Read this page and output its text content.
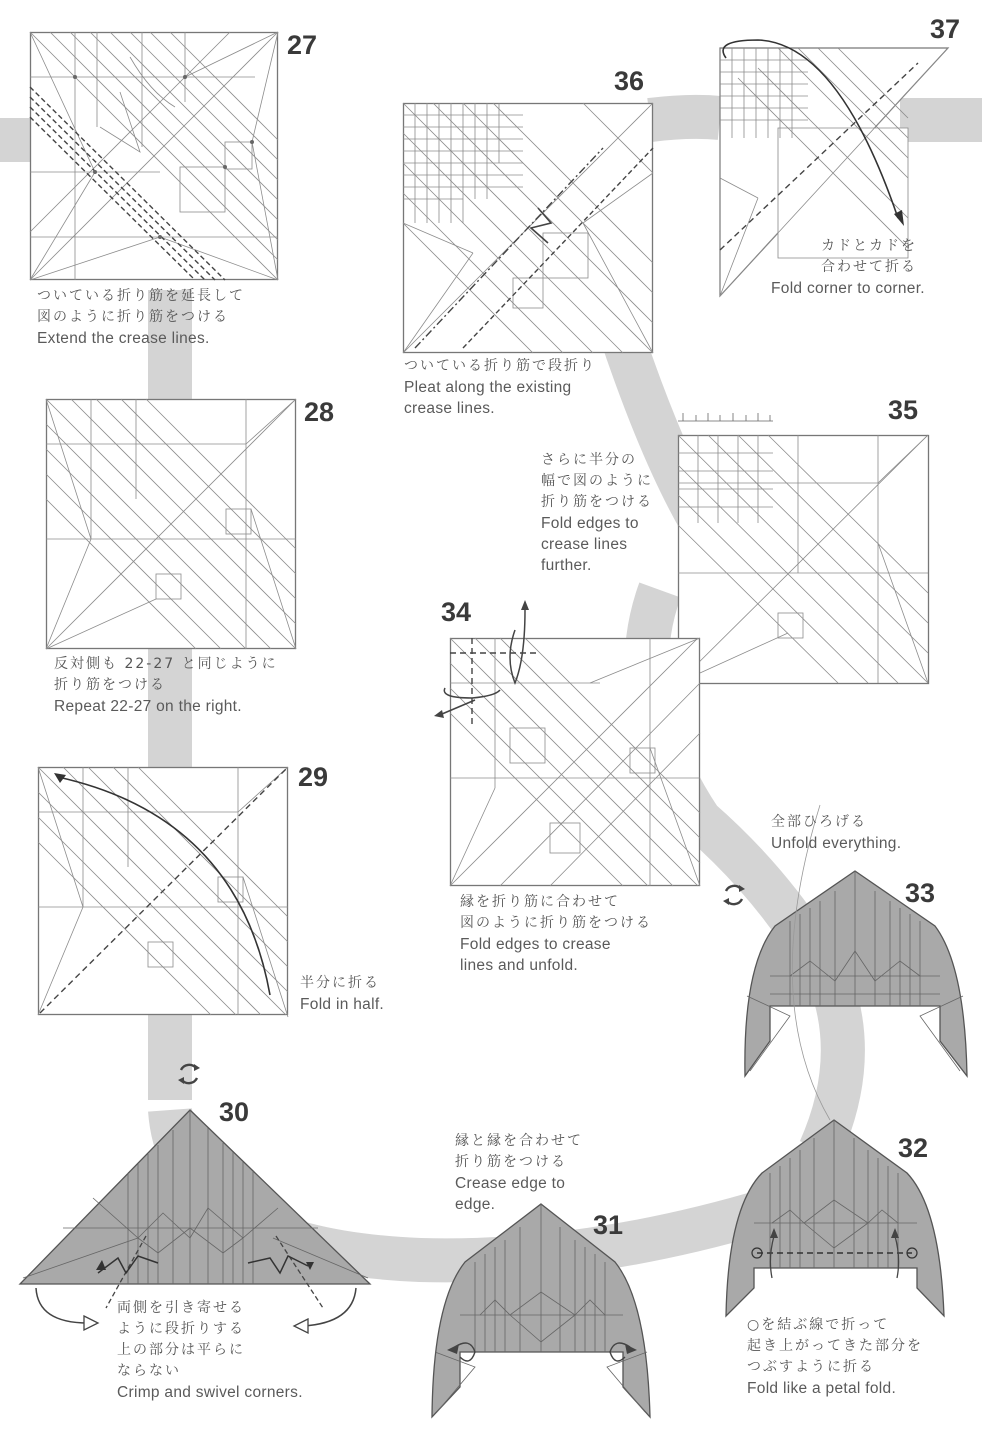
27
ついている折り筋を延長して
図のように折り筋をつける
Extend the crease lines.
36
ついている折り筋で段折り
Pleat along the existing
crease lines.
37
カドとカドを
合わせて折る
Fold corner to corner.
28
反対側も 22-27 と同じように
折り筋をつける
Repeat 22-27 on the right.
35
さらに半分の
幅で図のように
折り筋をつける
Fold edges to
crease lines
further.
34
縁を折り筋に合わせて
図のように折り筋をつける
Fold edges to crease
lines and unfold.
29
半分に折る
Fold in half.
33
全部ひろげる
Unfold everything.
30
両側を引き寄せる
ように段折りする
上の部分は平らに
ならない
Crimp and swivel corners.
31
縁と縁を合わせて
折り筋をつける
Crease edge to
edge.
32
○を結ぶ線で折って
起き上がってきた部分を
つぶすように折る
Fold like a petal fold.
